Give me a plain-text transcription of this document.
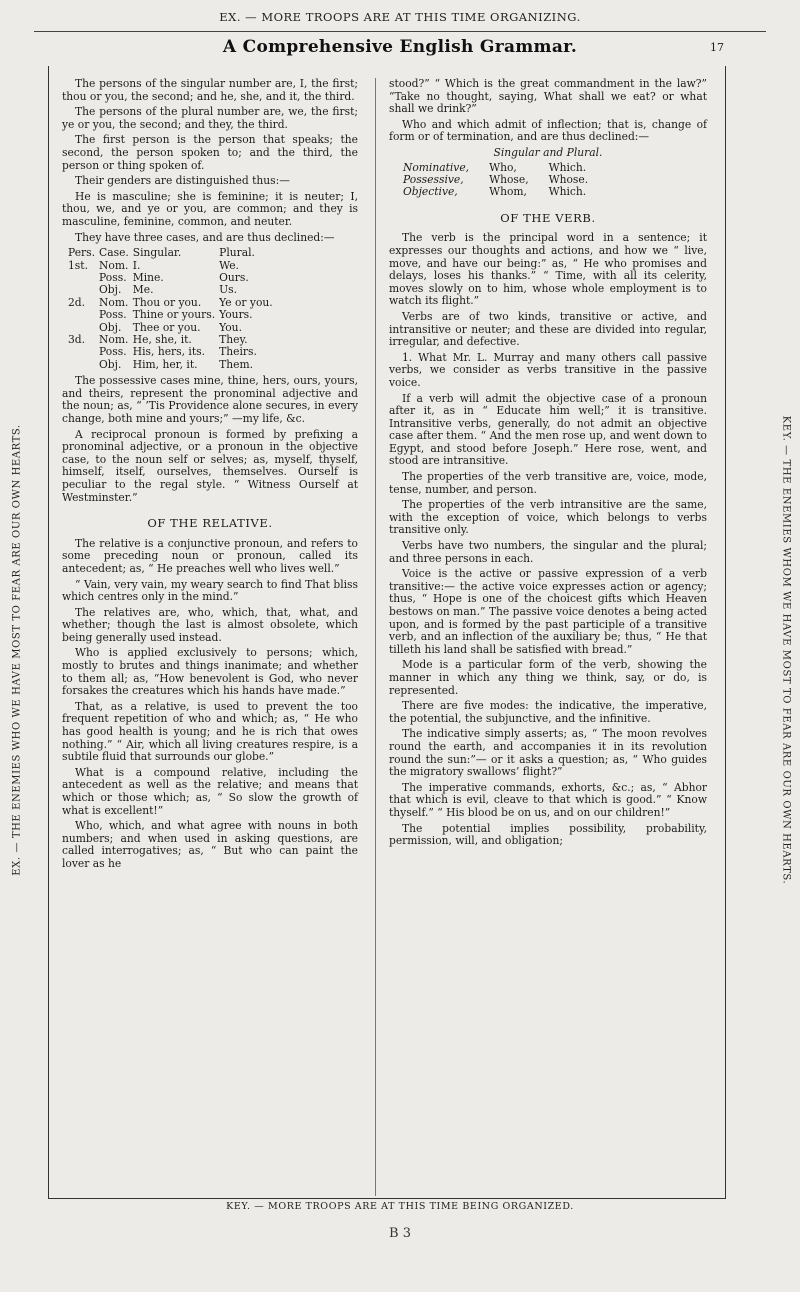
EX. — MORE TROOPS ARE AT THIS TIME ORGANIZING.
A Comprehensive English Grammar.	17
EX. — THE ENEMIES WHO WE HAVE MOST TO FEAR ARE OUR OWN HEARTS.	KEY. — THE ENEMIES WHOM WE HAVE MOST TO FEAR ARE OUR OWN HEARTS.

The persons of the singular number are, I, the first; thou or you, the second; and he, she, and it, the third.

The persons of the plural number are, we, the first; ye or you, the second; and they, the third.

The first person is the person that speaks; the second, the person spoken to; and the third, the person or thing spoken of.

Their genders are distinguished thus:—

He is masculine; she is feminine; it is neuter; I, thou, we, and ye or you, are common; and they is masculine, feminine, common, and neuter.

They have three cases, and are thus declined:—

Pers.	Case.	Singular.	Plural.
1st.	Nom.	I.	We.
	Poss.	Mine.	Ours.
	Obj.	Me.	Us.
2d.	Nom.	Thou or you.	Ye or you.
	Poss.	Thine or yours.	Yours.
	Obj.	Thee or you.	You.
3d.	Nom.	He, she, it.	They.
	Poss.	His, hers, its.	Theirs.
	Obj.	Him, her, it.	Them.

The possessive cases mine, thine, hers, ours, yours, and theirs, represent the pronominal adjective and the noun; as, “ ’Tis Providence alone secures, in every change, both mine and yours;” —my life, &c.

A reciprocal pronoun is formed by prefixing a pronominal adjective, or a pronoun in the objective case, to the noun self or selves; as, myself, thyself, himself, itself, ourselves, themselves. Ourself is peculiar to the regal style. “ Witness Ourself at Westminster.”

OF THE RELATIVE.

The relative is a conjunctive pronoun, and refers to some preceding noun or pronoun, called its antecedent; as, “ He preaches well who lives well.”

“ Vain, very vain, my weary search to find That bliss which centres only in the mind.”

The relatives are, who, which, that, what, and whether; though the last is almost obsolete, which being generally used instead.

Who is applied exclusively to persons; which, mostly to brutes and things inanimate; and whether to them all; as, “How benevolent is God, who never forsakes the creatures which his hands have made.”

That, as a relative, is used to prevent the too frequent repetition of who and which; as, “ He who has good health is young; and he is rich that owes nothing.” “ Air, which all living creatures respire, is a subtile fluid that surrounds our globe.”

What is a compound relative, including the antecedent as well as the relative; and means that which or those which; as, “ So slow the growth of what is excellent!”

Who, which, and what agree with nouns in both numbers; and when used in asking questions, are called interrogatives; as, “ But who can paint the lover as he

stood?” “ Which is the great commandment in the law?” “Take no thought, saying, What shall we eat? or what shall we drink?”

Who and which admit of inflection; that is, change of form or of termination, and are thus declined:—

Singular and Plural.
Nominative,	Who,	Which.
Possessive,	Whose,	Whose.
Objective,	Whom,	Which.
OF THE VERB.

The verb is the principal word in a sentence; it expresses our thoughts and actions, and how we “ live, move, and have our being:” as, “ He who promises and delays, loses his thanks.” “ Time, with all its celerity, moves slowly on to him, whose whole employment is to watch its flight.”

Verbs are of two kinds, transitive or active, and intransitive or neuter; and these are divided into regular, irregular, and defective.

1. What Mr. L. Murray and many others call passive verbs, we consider as verbs transitive in the passive voice.

If a verb will admit the objective case of a pronoun after it, as in “ Educate him well;” it is transitive. Intransitive verbs, generally, do not admit an objective case after them. “ And the men rose up, and went down to Egypt, and stood before Joseph.” Here rose, went, and stood are intransitive.

The properties of the verb transitive are, voice, mode, tense, number, and person.

The properties of the verb intransitive are the same, with the exception of voice, which belongs to verbs transitive only.

Verbs have two numbers, the singular and the plural; and three persons in each.

Voice is the active or passive expression of a verb transitive:— the active voice expresses action or agency; thus, “ Hope is one of the choicest gifts which Heaven bestows on man.” The passive voice denotes a being acted upon, and is formed by the past participle of a transitive verb, and an inflection of the auxiliary be; thus, “ He that tilleth his land shall be satisfied with bread.”

Mode is a particular form of the verb, showing the manner in which any thing we think, say, or do, is represented.

There are five modes: the indicative, the imperative, the potential, the subjunctive, and the infinitive.

The indicative simply asserts; as, “ The moon revolves round the earth, and accompanies it in its revolution round the sun:”— or it asks a question; as, “ Who guides the migratory swallows’ flight?”

The imperative commands, exhorts, &c.; as, “ Abhor that which is evil, cleave to that which is good.” “ Know thyself.” “ His blood be on us, and on our children!”

The potential implies possibility, probability, permission, will, and obligation;

KEY. — MORE TROOPS ARE AT THIS TIME BEING ORGANIZED.
B 3
